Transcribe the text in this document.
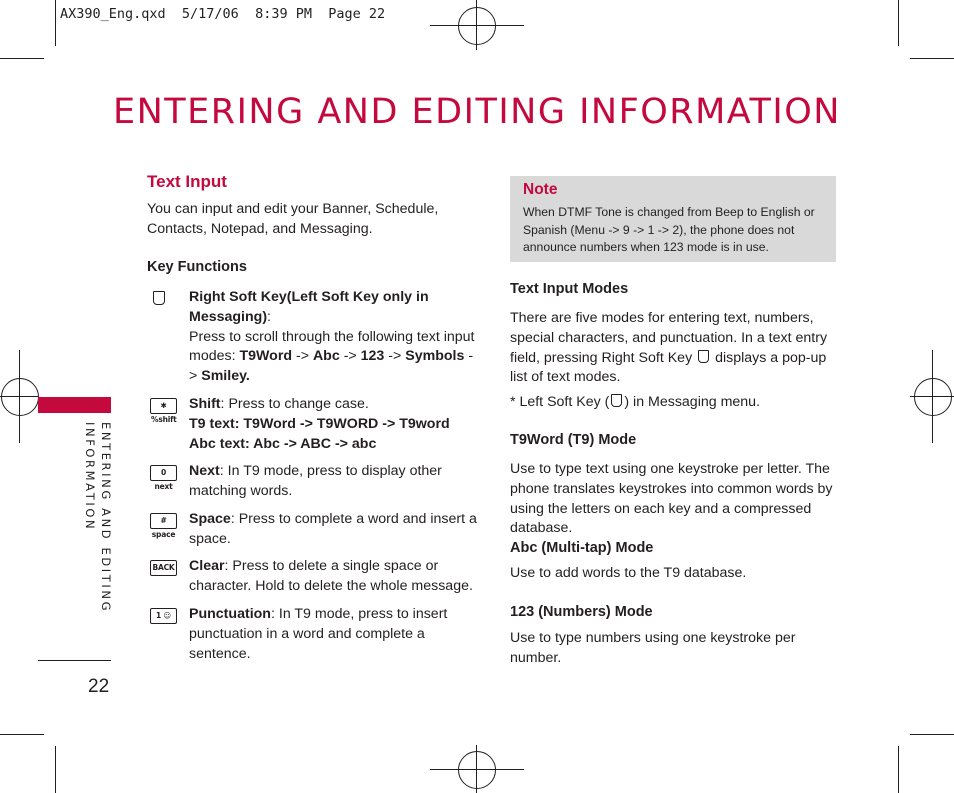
AX390_Eng.qxd  5/17/06  8:39 PM  Page 22
ENTERING AND EDITING INFORMATION
ENTERING AND EDITING
INFORMATION
22
Text Input
You can input and edit your Banner, Schedule, Contacts, Notepad, and Messaging.
Key Functions
Right Soft Key(Left Soft Key only in Messaging):
Press to scroll through the following text input modes: T9Word -> Abc -> 123 -> Symbols -> Smiley.
✱ %shift
Shift: Press to change case.
T9 text: T9Word -> T9WORD -> T9word
Abc text: Abc -> ABC -> abc
0 next
Next: In T9 mode, press to display other matching words.
# space
Space: Press to complete a word and insert a space.
BACK Clear: Press to delete a single space or character. Hold to delete the whole message.
1 ☺	Punctuation: In T9 mode, press to insert punctuation in a word and complete a sentence.
Note
When DTMF Tone is changed from Beep to English or Spanish (Menu -> 9 -> 1 -> 2), the phone does not announce numbers when 123 mode is in use.
Text Input Modes
There are five modes for entering text, numbers, special characters, and punctuation. In a text entry field, pressing Right Soft Key displays a pop-up list of text modes.
* Left Soft Key ( ) in Messaging menu.
T9Word (T9) Mode
Use to type text using one keystroke per letter. The phone translates keystrokes into common words by using the letters on each key and a compressed database.
Abc (Multi-tap) Mode
Use to add words to the T9 database.
123 (Numbers) Mode
Use to type numbers using one keystroke per number.
